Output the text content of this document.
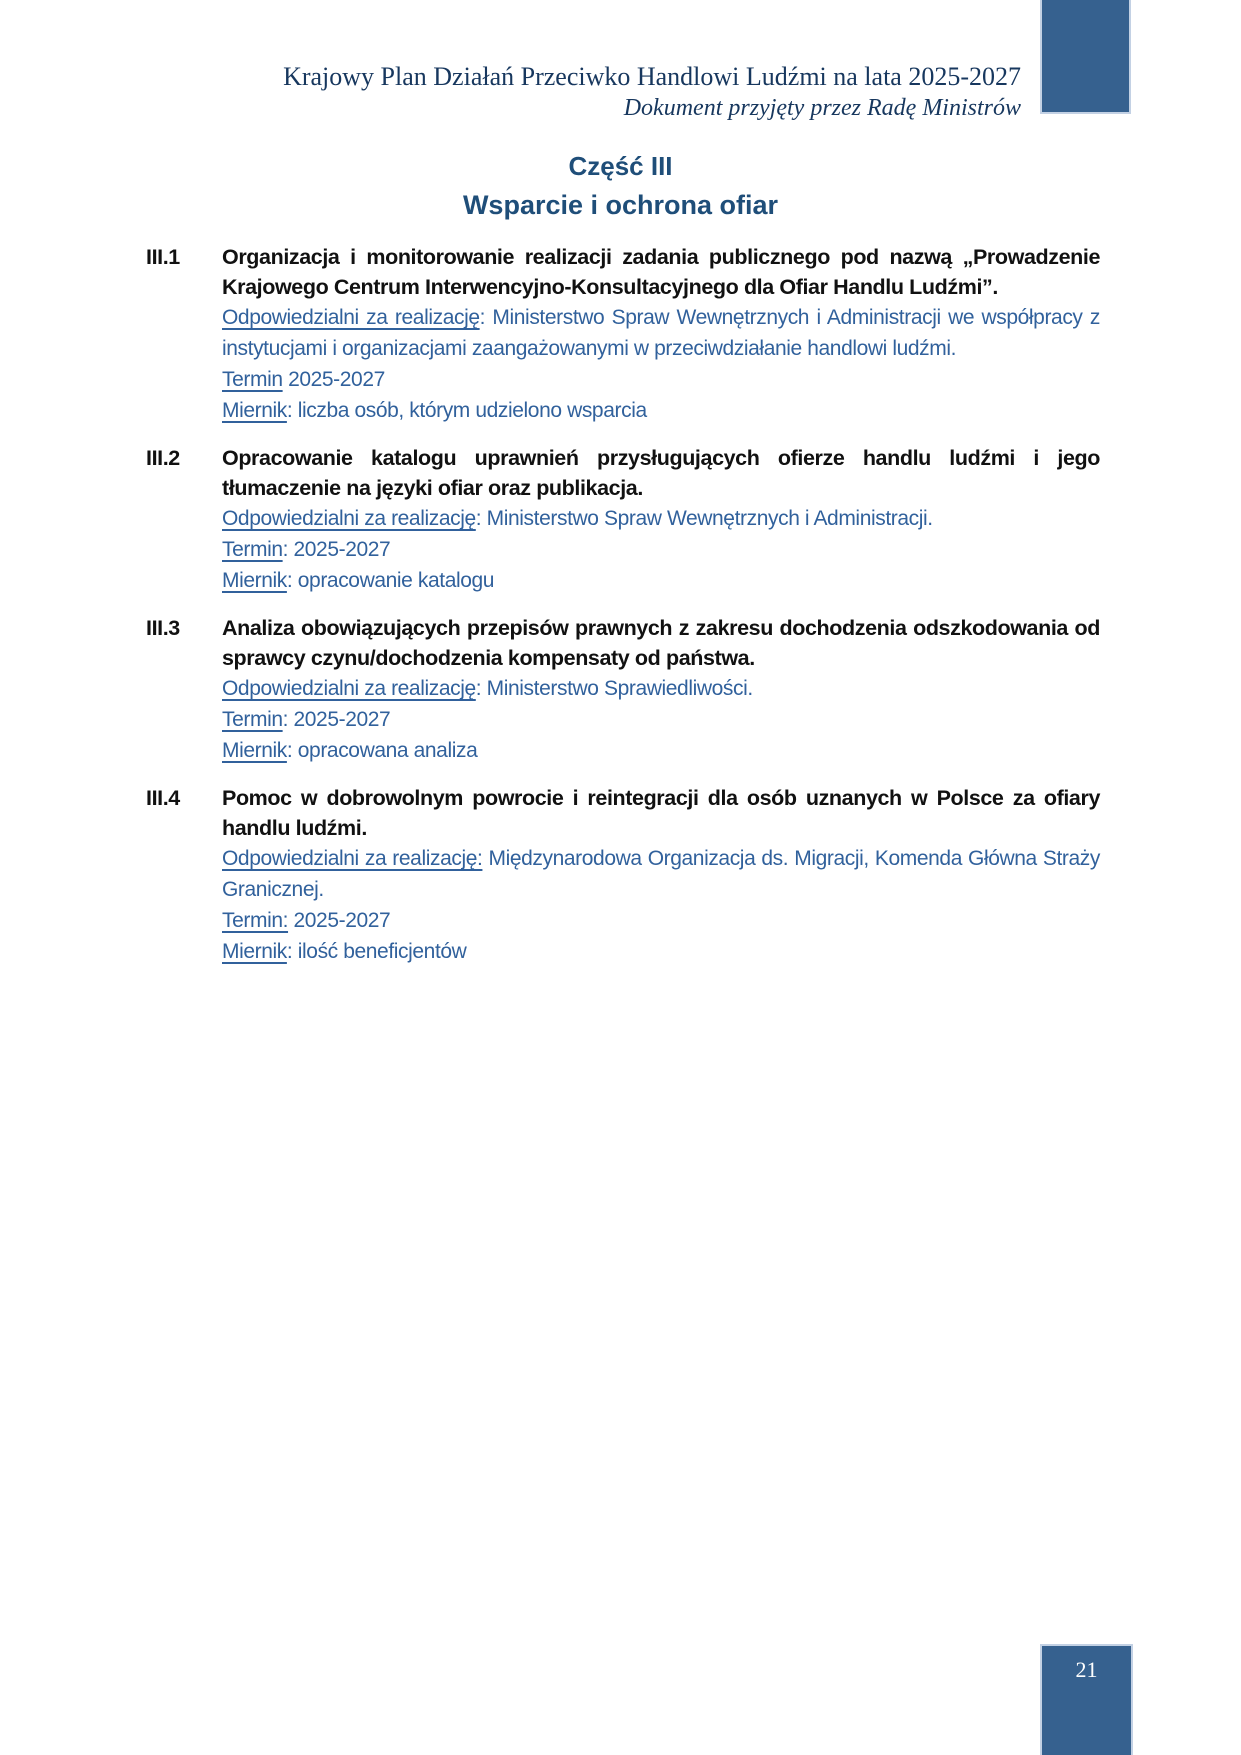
Krajowy Plan Działań Przeciwko Handlowi Ludźmi na lata 2025-2027
Dokument przyjęty przez Radę Ministrów

Część III

Wsparcie i ochrona ofiar

III.1	Organizacja i monitorowanie realizacji zadania publicznego pod nazwą „Prowadzenie Krajowego Centrum Interwencyjno-Konsultacyjnego dla Ofiar Handlu Ludźmi”.

Odpowiedzialni za realizację: Ministerstwo Spraw Wewnętrznych i Administracji we współpracy z instytucjami i organizacjami zaangażowanymi w przeciwdziałanie handlowi ludźmi.

Termin 2025-2027

Miernik: liczba osób, którym udzielono wsparcia

III.2	Opracowanie katalogu uprawnień przysługujących ofierze handlu ludźmi i jego tłumaczenie na języki ofiar oraz publikacja.

Odpowiedzialni za realizację: Ministerstwo Spraw Wewnętrznych i Administracji.

Termin: 2025-2027

Miernik: opracowanie katalogu

III.3	Analiza obowiązujących przepisów prawnych z zakresu dochodzenia odszkodowania od sprawcy czynu/dochodzenia kompensaty od państwa.

Odpowiedzialni za realizację: Ministerstwo Sprawiedliwości.

Termin: 2025-2027

Miernik: opracowana analiza

III.4	Pomoc w dobrowolnym powrocie i reintegracji dla osób uznanych w Polsce za ofiary handlu ludźmi.

Odpowiedzialni za realizację: Międzynarodowa Organizacja ds. Migracji, Komenda Główna Straży Granicznej.

Termin: 2025-2027

Miernik: ilość beneficjentów

21
